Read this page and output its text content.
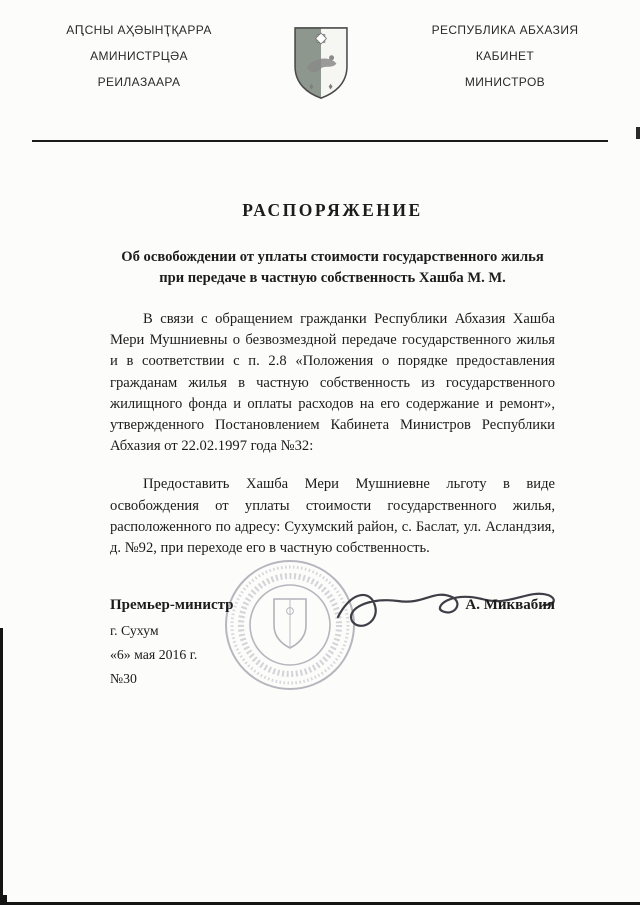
АԤСНЫ АҲӘЫНҬҚАРРА
АМИНИСТРЦӘА
РЕИЛАЗААРА
РЕСПУБЛИКА АБХАЗИЯ
КАБИНЕТ
МИНИСТРОВ
РАСПОРЯЖЕНИЕ
Об освобождении от уплаты стоимости государственного жилья при передаче в частную собственность Хашба М. М.

В связи с обращением гражданки Республики Абхазия Хашба Мери Мушниевны о безвозмездной передаче государственного жилья и в соответствии с п. 2.8 «Положения о порядке предоставления гражданам жилья в частную собственность из государственного жилищного фонда и оплаты расходов на его содержание и ремонт», утвержденного Постановлением Кабинета Министров Республики Абхазия от 22.02.1997 года №32:

Предоставить Хашба Мери Мушниевне льготу в виде освобождения от уплаты стоимости государственного жилья, расположенного по адресу: Сухумский район, с. Баслат, ул. Асландзия, д. №92, при переходе его в частную собственность.

Премьер-министр	А. Миквабия
г. Сухум
«6» мая 2016 г.
№30
